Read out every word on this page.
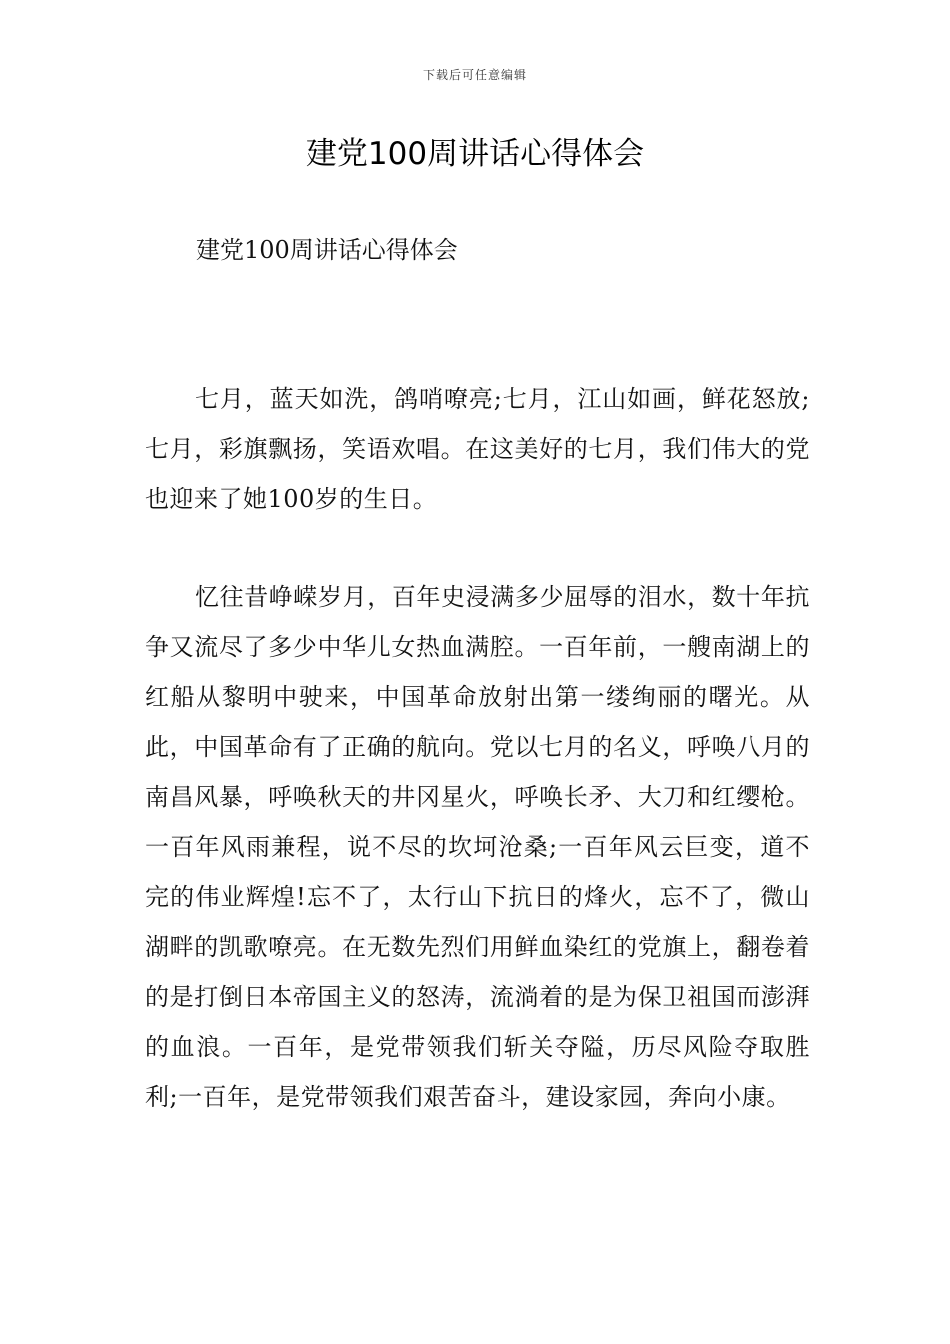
下载后可任意编辑
建党100周讲话心得体会

建党100周讲话心得体会

七月，蓝天如洗，鸽哨嘹亮;七月，江山如画，鲜花怒放;七月，彩旗飘扬，笑语欢唱。在这美好的七月，我们伟大的党也迎来了她100岁的生日。

忆往昔峥嵘岁月，百年史浸满多少屈辱的泪水，数十年抗争又流尽了多少中华儿女热血满腔。一百年前，一艘南湖上的红船从黎明中驶来，中国革命放射出第一缕绚丽的曙光。从此，中国革命有了正确的航向。党以七月的名义，呼唤八月的南昌风暴，呼唤秋天的井冈星火，呼唤长矛、大刀和红缨枪。一百年风雨兼程，说不尽的坎坷沧桑;一百年风云巨变，道不完的伟业辉煌!忘不了，太行山下抗日的烽火，忘不了，微山湖畔的凯歌嘹亮。在无数先烈们用鲜血染红的党旗上，翻卷着的是打倒日本帝国主义的怒涛，流淌着的是为保卫祖国而澎湃的血浪。一百年，是党带领我们斩关夺隘，历尽风险夺取胜利;一百年，是党带领我们艰苦奋斗，建设家园，奔向小康。
